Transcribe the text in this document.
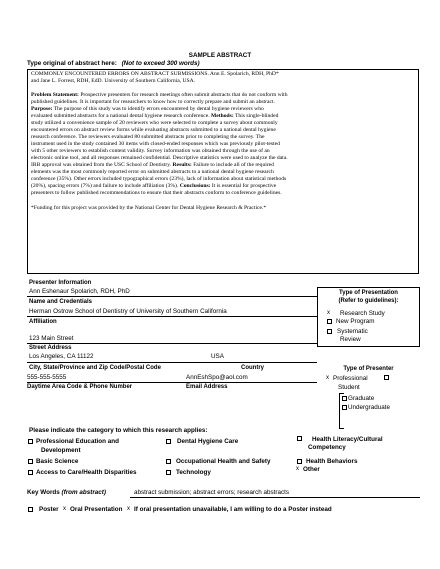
SAMPLE ABSTRACT
Type original of abstract here: (Not to exceed 300 words)
COMMONLY ENCOUNTERED ERRORS ON ABSTRACT SUBMISSIONS. Ann E. Spolarich, RDH, PhD*
and Jane L. Forrest, RDH, EdD. University of Southern California, USA.
Problem Statement: Prospective presenters for research meetings often submit abstracts that do not conform with
published guidelines. It is important for researchers to know how to correctly prepare and submit an abstract.
Purpose: The purpose of this study was to identify errors encountered by dental hygiene reviewers who
evaluated submitted abstracts for a national dental hygiene research conference. Methods: This single-blinded
study utilized a convenience sample of 20 reviewers who were selected to complete a survey about commonly
encountered errors on abstract review forms while evaluating abstracts submitted to a national dental hygiene
research conference. The reviewers evaluated 80 submitted abstracts prior to completing the survey. The
instrument used in the study contained 30 items with closed-ended responses which was previously pilot-tested
with 5 other reviewers to establish content validity. Survey information was obtained through the use of an
electronic online tool, and all responses remained confidential. Descriptive statistics were used to analyze the data.
IRB approval was obtained from the USC School of Dentistry. Results: Failure to include all of the required
elements was the most commonly reported error on submitted abstracts to a national dental hygiene research
conference (35%). Other errors included typographical errors (23%), lack of information about statistical methods
(20%), spacing errors (7%) and failure to include affiliation (3%). Conclusions: It is essential for prospective
presenters to follow published recommendations to ensure that their abstracts conform to conference guidelines.
*Funding for this project was provided by the National Center for Dental Hygiene Research & Practice.*
Presenter Information
Ann Eshenaur Spolarich, RDH, PhD
Name and Credentials
Herman Ostrow School of Dentistry of University of Southern California
Affiliation
123 Main Street
Street Address
Los Angeles, CA 11122	USA
City, State/Province and Zip Code/Postal Code	Country
555-555-5555	AnnEshSpo@aol.com
Daytime Area Code & Phone Number	Email Address
Type of Presentation
(Refer to guidelines):
x Research Study
New Program
Systematic
Review
Type of Presenter
x Professional
Student
Graduate
Undergraduate
Please indicate the category to which this research applies:
Professional Education and
Development
Basic Science
Access to Care/Health Disparities
Dental Hygiene Care
Occupational Health and Safety
Technology
Health Literacy/Cultural
Competency
Health Behaviors
x Other
Key Words (from abstract)	abstract submission; abstract errors; research abstracts
Poster x Oral Presentation x If oral presentation unavailable, I am willing to do a Poster instead
